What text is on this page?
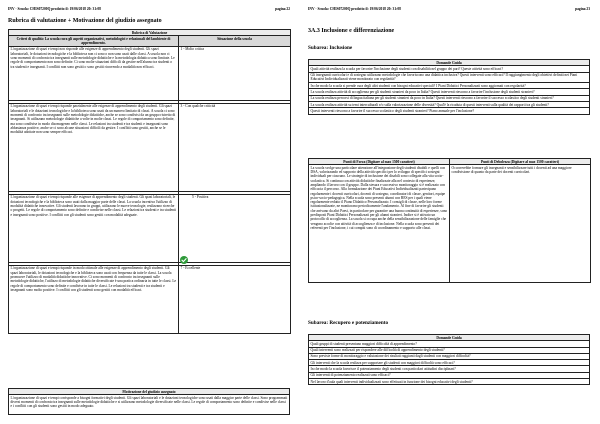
INV - Scuola: CHIS07200Q prodotto il: 19/06/2018 20: 31:08	pagina 22
Rubrica di valutazione + Motivazione del giudizio assegnato
Rubrica di Valutazione	
Criteri di qualità: La scuola cura gli aspetti organizzativi, metodologici e relazionali del lambiente di apprendimento.	Situazione della scuola
L'organizzazione di spazi e tempi non risponde alle esigenze di apprendimento degli studenti. Gli spazi laboratoriali, le dotazioni tecnologiche e la biblioteca non ci sono o non sono usati dalle classi. A scuola non ci sono momenti di confronto tra insegnanti sulle metodologie didattiche e la metodologia didattica sono limitate. Le regole di comportamento non sono definite. Ci sono molte situazioni difficili da gestire nell'alunno tra studenti o tra studenti e insegnanti. I conflitti non sono gestiti o sono gestiti ricorrendo a modalità non efficaci.	1 - Molto critica

L'organizzazione di spazi e tempi risponde parzialmente alle esigenze di apprendimento degli studenti. Gli spazi laboratoriali e le dotazioni tecnologiche e la biblioteca sono usati da un numero limitato di classi. A scuola ci sono momenti di confronto tra insegnanti sulle metodologie didattiche, anche se sono condivisi da un gruppo ristretto di insegnanti. Si utilizzano metodologie didattiche a volte in molte classi. Le regole di comportamento sono definite, ma sono condivise in modo disomogeneo nelle classi. Le relazioni tra studenti e tra studenti e insegnanti sono abbastanza positive, anche se ci sono alcune situazioni difficili da gestire. I conflitti sono gestiti, anche se le modalità adottate non sono sempre efficaci.	3 - Con qualche criticità

L'organizzazione di spazi e tempi risponde alle esigenze di apprendimento degli studenti. Gli spazi laboratoriali, le dotazioni tecnologiche e la biblioteca sono usati dalla maggior parte delle classi. La scuola incentiva l'utilizzo di modalità didattiche innovative. Gli studenti lavorano in gruppi, utilizzano le nuove tecnologie, realizzano ricerche o progetti. Le regole di comportamento sono definite e condivise nelle classi. Le relazioni tra studenti e tra studenti e insegnanti sono positive. I conflitti con gli studenti sono gestiti con modalità adeguate.	5 - Positiva

L'organizzazione di spazi e tempi risponde in modo ottimale alle esigenze di apprendimento degli studenti. Gli spazi laboratoriali, le dotazioni tecnologiche e la biblioteca sono usati con frequenza da tutte le classi. La scuola promuove l'utilizzo di modalità didattiche innovative. Ci sono momenti di confronto tra insegnanti sulle metodologie didattiche, l'utilizzo di metodologie didattiche diversificate è una pratica ordinaria in tutte le classi. Le regole di comportamento sono definite e condivise in tutte le classi. Le relazioni tra studenti e tra studenti e insegnanti sono molto positive. I conflitti con gli studenti sono gestiti con modalità efficaci.	7 - Eccellente
Motivazione del giudizio assegnato
L'organizzazione di spazi e tempi corrisponde a bisogni formativi degli studenti. Gli spazi laboratoriali e le dotazioni tecnologiche sono usati dalla maggior parte delle classi. Sono programmati diversi momenti di confronto tra insegnanti sulle metodologie didattiche e si utilizzano metodologie diversificate nelle classi. Le regole di comportamento sono definite e condivise nelle classi e i conflitti con gli studenti sono gestiti in modo adeguato.
INV - Scuola: CHIS07200Q prodotto il: 19/06/2018 20: 31:08	pagina 23
3A.3 Inclusione e differenziazione
Subarea: Inclusione
Domande Guida
Quali attività realizza la scuola per favorire l'inclusione degli studenti con disabilità nel gruppo dei pari? Queste attività sono efficaci?
Gli insegnanti curricolari e di sostegno utilizzano metodologie che favoriscono una didattica inclusiva? Questi interventi sono efficaci? Il raggiungimento degli obiettivi definiti nei Piani Educativi Individualizzati viene monitorato con regolarità?
In che modo la scuola si prende cura degli altri studenti con bisogni educativi speciali? I Piani Didattici Personalizzati sono aggiornati con regolarità?
La scuola realizza attività di accoglienza per gli studenti stranieri da poco in Italia? Questi interventi riescono a favorire l'inclusione degli studenti stranieri?
La scuola realizza percorsi di lingua italiana per gli studenti stranieri da poco in Italia? Questi interventi riescono a favorire il successo scolastico degli studenti stranieri?
La scuola realizza attività su temi interculturali e/o sulla valorizzazione delle diversità? Qual'è la ricaduta di questi interventi sulla qualità dei rapporti tra gli studenti?
Questi interventi riescono a favorire il successo scolastico degli studenti stranieri? Piano annuale per l'inclusione?
Punti di Forza (Digitare al max 1500 caratteri)	Punti di Debolezza (Digitare al max 1500 caratteri)
La scuola svolge una particolare attenzione all'integrazione degli studenti disabili e quelli con DSA, valorizzando ed supporto della attività specifici per lo sviluppo di specifici sostegni individuali per ciascuno. Le strategie di inclusione dei disabili sono collegate alla vita socio-scolastica. Si continua con attività didattiche finalizzate alla nel contesto di esperienze, ampliando il lavoro con il gruppo. Dalla stesura e successivo monitoraggio si è realizzato con efficacia il percorso. Alla formulazione dei Piani Educativi Individualizzati partecipano regolarmente i docenti curricolari, docenti di sostegno, coordinatori di classe, genitori, equipe psico-socio-pedagogica. Nella scuola sono presenti alunni con BES per i quali viene regolarmente redatto il Piano Didattico Personalizzato. I consigli di classe, nelle loro forme istituzionalizzate, ne monitorano periodicamente l'andamento. Al fine di favorire gli studenti che arrivano da altri Paesi, in particolare per garantire una buona continuità di esperienze, sono predisposti Piani Didattici Personalizzati per gli alunni stranieri. Inoltre si è attivato un protocollo di accoglienza. La scuola si occupa anche della sensibilizzazione delle famiglie che vengono accolte con attività di accoglienza e di inclusione. Nella scuola sono presenti dei referenti per l'inclusione, i cui compiti sono di coordinamento e supporto alle classi.	Occorrerebbe formare gli insegnanti e sensibilizzare tutti i docenti ad una maggiore condivisione di quanto da parte dei docenti curricolari.
Subarea: Recupero e potenziamento
Domande Guida
Quali gruppi di studenti presentano maggiori difficoltà di apprendimento?
Quali interventi sono realizzati per rispondere alle difficoltà di apprendimento degli studenti?
Sono previste forme di monitoraggio e valutazione dei risultati raggiunti dagli studenti con maggiori difficoltà?
Gli interventi che la scuola realizza per supportare gli studenti con maggiori difficoltà sono efficaci?
In che modo la scuola favorisce il potenziamento degli studenti con particolari attitudini disciplinari?
Gli interventi di potenziamento realizzati sono efficaci?
Nel lavoro d'aula quali interventi individualizzati sono effettuati in funzione dei bisogni educativi degli studenti?
